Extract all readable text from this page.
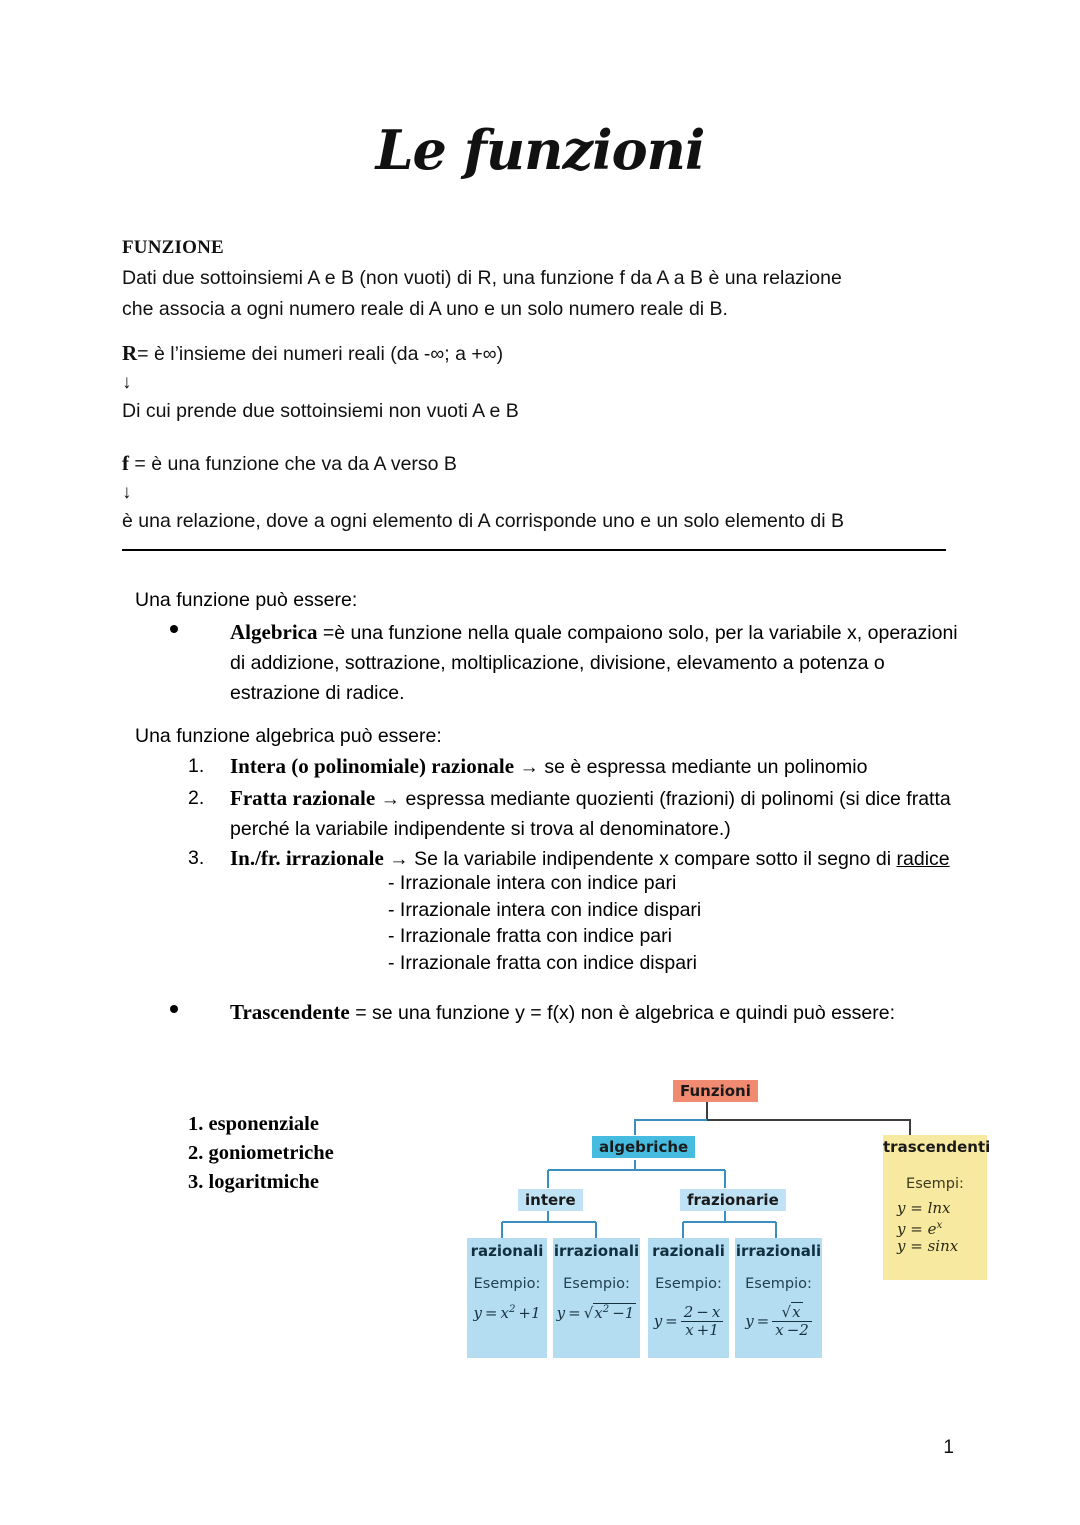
Le funzioni
FUNZIONE
Dati due sottoinsiemi A e B (non vuoti) di R, una funzione f da A a B è una relazione
che associa a ogni numero reale di A uno e un solo numero reale di B.
R= è l’insieme dei numeri reali (da -∞; a +∞)
↓
Di cui prende due sottoinsiemi non vuoti A e B
f = è una funzione che va da A verso B
↓
è una relazione, dove a ogni elemento di A corrisponde uno e un solo elemento di B
Una funzione può essere:
Algebrica =è una funzione nella quale compaiono solo, per la variabile x, operazioni
di addizione, sottrazione, moltiplicazione, divisione, elevamento a potenza o
estrazione di radice.
Una funzione algebrica può essere:
1.	Intera (o polinomiale) razionale → se è espressa mediante un polinomio
2.	Fratta razionale → espressa mediante quozienti (frazioni) di polinomi (si dice fratta
perché la variabile indipendente si trova al denominatore.)
3.	In./fr. irrazionale → Se la variabile indipendente x compare sotto il segno di radice
- Irrazionale intera con indice pari
- Irrazionale intera con indice dispari
- Irrazionale fratta con indice pari
- Irrazionale fratta con indice dispari
Trascendente = se una funzione y = f(x) non è algebrica e quindi può essere:
1. esponenziale
2. goniometriche
3. logaritmiche
Funzioni
algebriche	trascendenti
Esempi:
y = lnx
$y = e^x$
y = sinx
intere	frazionarie
razionali
Esempio:
$y = x^2 +1$
irrazionali
Esempio:
$y = √x^2 -1$
razionali
Esempio:
$y = \frac{2 - x}{x +1}$
irrazionali
Esempio:
$y = \frac{√x}{x -2}$
1
